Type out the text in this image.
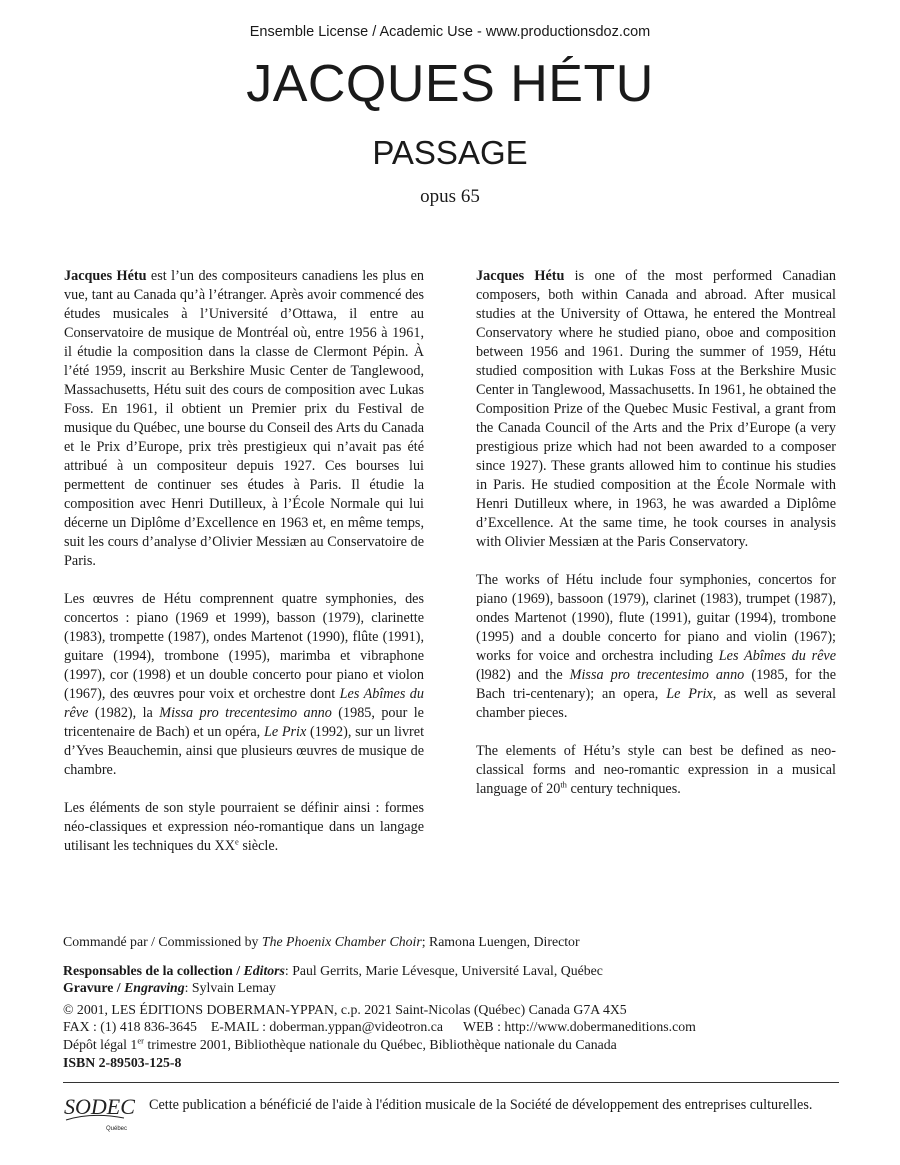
Ensemble License / Academic Use - www.productionsdoz.com
JACQUES HÉTU
PASSAGE
opus 65

Jacques Hétu est l’un des compositeurs canadiens les plus en vue, tant au Canada qu’à l’étranger. Après avoir commencé des études musicales à l’Université d’Ottawa, il entre au Conservatoire de musique de Montréal où, entre 1956 à 1961, il étudie la composition dans la classe de Clermont Pépin. À l’été 1959, inscrit au Berkshire Music Center de Tanglewood, Massachusetts, Hétu suit des cours de composition avec Lukas Foss. En 1961, il obtient un Premier prix du Festival de musique du Québec, une bourse du Conseil des Arts du Canada et le Prix d’Europe, prix très prestigieux qui n’avait pas été attribué à un compositeur depuis 1927. Ces bourses lui permettent de continuer ses études à Paris. Il étudie la composition avec Henri Dutilleux, à l’École Normale qui lui décerne un Diplôme d’Excellence en 1963 et, en même temps, suit les cours d’analyse d’Olivier Messiæn au Conservatoire de Paris.

Les œuvres de Hétu comprennent quatre symphonies, des concertos : piano (1969 et 1999), basson (1979), clarinette (1983), trompette (1987), ondes Martenot (1990), flûte (1991), guitare (1994), trombone (1995), marimba et vibraphone (1997), cor (1998) et un double concerto pour piano et violon (1967), des œuvres pour voix et orchestre dont Les Abîmes du rêve (1982), la Missa pro trecentesimo anno (1985, pour le tricentenaire de Bach) et un opéra, Le Prix (1992), sur un livret d’Yves Beauchemin, ainsi que plusieurs œuvres de musique de chambre.

Les éléments de son style pourraient se définir ainsi : formes néo-classiques et expression néo-romantique dans un langage utilisant les techniques du XXe siècle.

Jacques Hétu is one of the most performed Canadian composers, both within Canada and abroad. After musical studies at the University of Ottawa, he entered the Montreal Conservatory where he studied piano, oboe and composition between 1956 and 1961. During the summer of 1959, Hétu studied composition with Lukas Foss at the Berkshire Music Center in Tanglewood, Massachusetts. In 1961, he obtained the Composition Prize of the Quebec Music Festival, a grant from the Canada Council of the Arts and the Prix d’Europe (a very prestigious prize which had not been awarded to a composer since 1927). These grants allowed him to continue his studies in Paris. He studied composition at the École Normale with Henri Dutilleux where, in 1963, he was awarded a Diplôme d’Excellence. At the same time, he took courses in analysis with Olivier Messiæn at the Paris Conservatory.

The works of Hétu include four symphonies, concertos for piano (1969), bassoon (1979), clarinet (1983), trumpet (1987), ondes Martenot (1990), flute (1991), guitar (1994), trombone (1995) and a double concerto for piano and violin (1967); works for voice and orchestra including Les Abîmes du rêve (l982) and the Missa pro trecentesimo anno (1985, for the Bach tri-centenary); an opera, Le Prix, as well as several chamber pieces.

The elements of Hétu’s style can best be defined as neo-classical forms and neo-romantic expression in a musical language of 20th century techniques.

Commandé par / Commissioned by The Phoenix Chamber Choir; Ramona Luengen, Director
Responsables de la collection / Editors: Paul Gerrits, Marie Lévesque, Université Laval, Québec
Gravure / Engraving: Sylvain Lemay
© 2001, LES ÉDITIONS DOBERMAN-YPPAN, c.p. 2021 Saint-Nicolas (Québec) Canada G7A 4X5
FAX : (1) 418 836-3645 E-MAIL : doberman.yppan@videotron.ca WEB : http://www.dobermaneditions.com
Dépôt légal 1er trimestre 2001, Bibliothèque nationale du Québec, Bibliothèque nationale du Canada
ISBN 2-89503-125-8
SODEC
Québec
Cette publication a bénéficié de l'aide à l'édition musicale de la Société de développement des entreprises culturelles.
